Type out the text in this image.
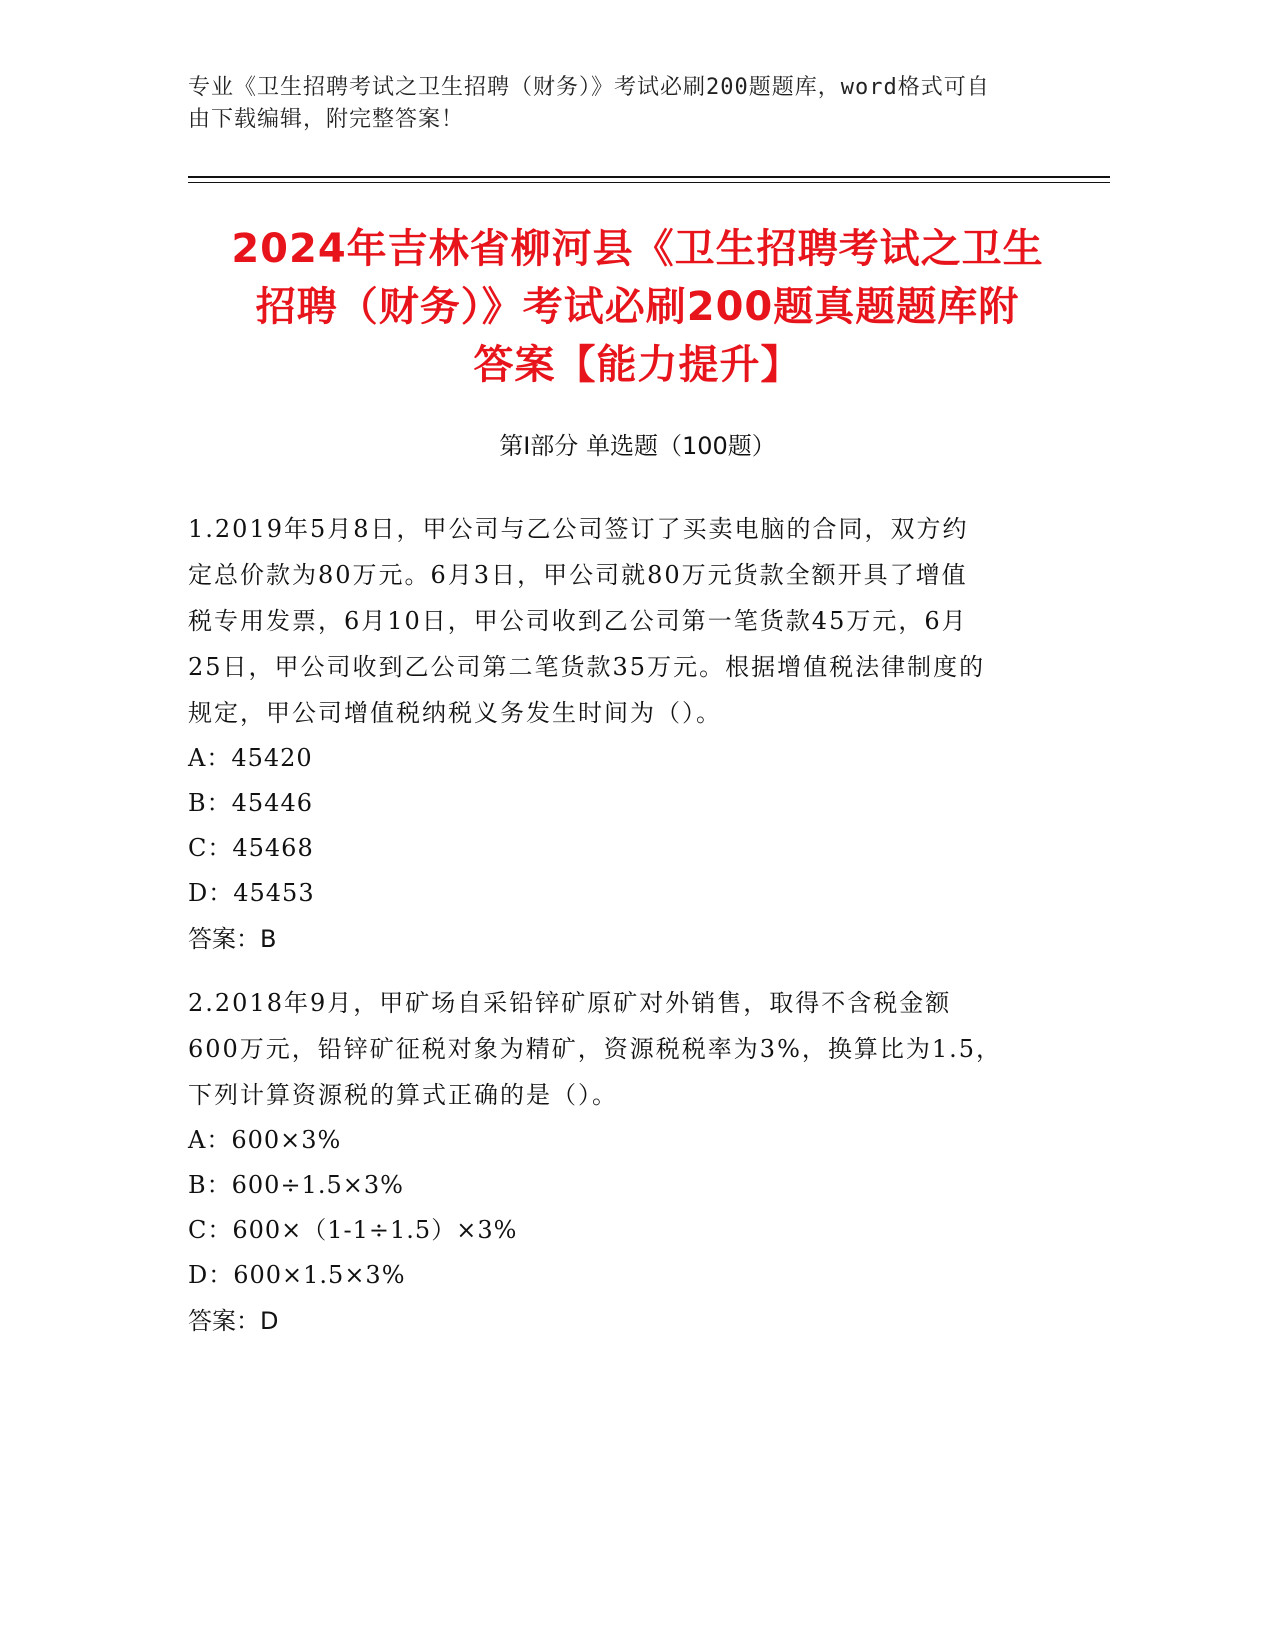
专业《卫生招聘考试之卫生招聘（财务）》考试必刷200题题库，word格式可自
由下载编辑，附完整答案！
2024年吉林省柳河县《卫生招聘考试之卫生
招聘（财务）》考试必刷200题真题题库附
答案【能力提升】
第Ⅰ部分 单选题（100题）

1.2019年5月8日，甲公司与乙公司签订了买卖电脑的合同，双方约

定总价款为80万元。6月3日，甲公司就80万元货款全额开具了增值

税专用发票，6月10日，甲公司收到乙公司第一笔货款45万元，6月

25日，甲公司收到乙公司第二笔货款35万元。根据增值税法律制度的

规定，甲公司增值税纳税义务发生时间为（）。

A：45420

B：45446

C：45468

D：45453

答案：B

2.2018年9月，甲矿场自采铅锌矿原矿对外销售，取得不含税金额

600万元，铅锌矿征税对象为精矿，资源税税率为3%，换算比为1.5，

下列计算资源税的算式正确的是（）。

A：600×3%

B：600÷1.5×3%

C：600×（1-1÷1.5）×3%

D：600×1.5×3%

答案：D
